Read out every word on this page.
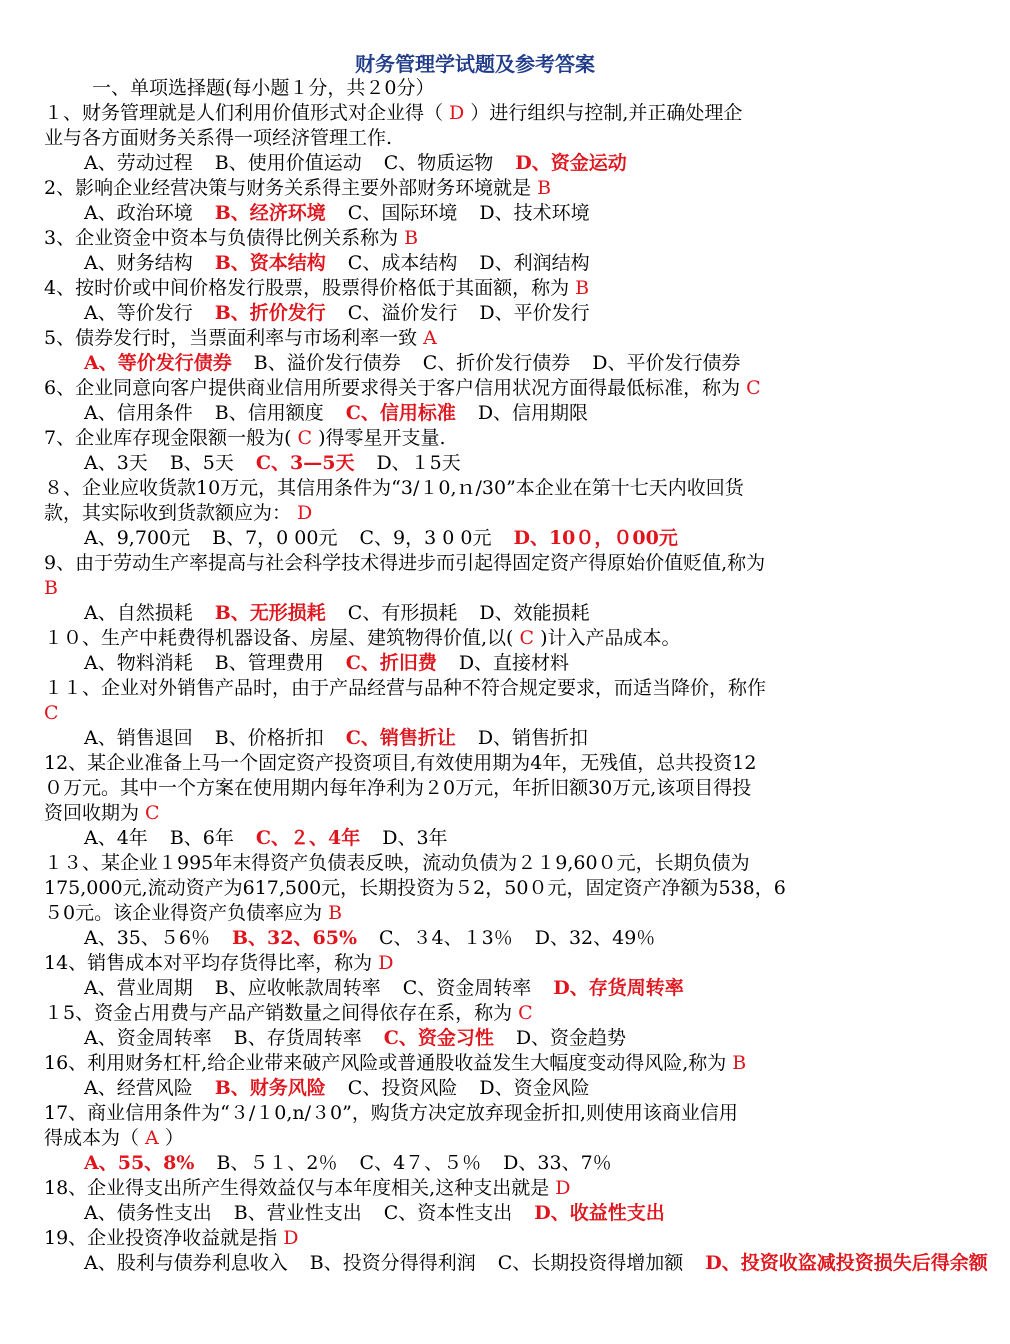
财务管理学试题及参考答案
一、单项选择题(每小题１分，共２0分）
１、财务管理就是人们利用价值形式对企业得（ D ）进行组织与控制,并正确处理企
业与各方面财务关系得一项经济管理工作.
A、劳动过程 B、使用价值运动 C、物质运物 D、资金运动
2、影响企业经营决策与财务关系得主要外部财务环境就是 B
A、政治环境 B、经济环境 C、国际环境 D、技术环境
3、企业资金中资本与负债得比例关系称为 B
A、财务结构 B、资本结构 C、成本结构 D、利润结构
4、按时价或中间价格发行股票，股票得价格低于其面额，称为 B
A、等价发行 B、折价发行 C、溢价发行 D、平价发行
5、债券发行时，当票面利率与市场利率一致 A
A、等价发行债券 B、溢价发行债券 C、折价发行债券 D、平价发行债券
6、企业同意向客户提供商业信用所要求得关于客户信用状况方面得最低标准，称为 C
A、信用条件 B、信用额度 C、信用标准 D、信用期限
7、企业库存现金限额一般为( C )得零星开支量.
A、3天 B、5天 C、3—5天 D、１5天
８、企业应收货款10万元，其信用条件为“3/１0,ｎ/30”本企业在第十七天内收回货
款，其实际收到货款额应为： D
A、9,700元 B、7，0 00元 C、9，3 0 0元 D、10０，０00元
9、由于劳动生产率提高与社会科学技术得进步而引起得固定资产得原始价值贬值,称为
B
A、自然损耗 B、无形损耗 C、有形损耗 D、效能损耗
１０、生产中耗费得机器设备、房屋、建筑物得价值,以( C )计入产品成本。
A、物料消耗 B、管理费用 C、折旧费 D、直接材料
１１、企业对外销售产品时，由于产品经营与品种不符合规定要求，而适当降价，称作
C
A、销售退回 B、价格折扣 C、销售折让 D、销售折扣
12、某企业准备上马一个固定资产投资项目,有效使用期为4年，无残值，总共投资12
０万元。其中一个方案在使用期内每年净利为２0万元，年折旧额30万元,该项目得投
资回收期为 C
A、4年 B、6年 C、２、4年 D、3年
１３、某企业１995年末得资产负债表反映，流动负债为２１9,60０元，长期负债为
175,000元,流动资产为617,500元，长期投资为５2，50０元，固定资产净额为538，6
５0元。该企业得资产负债率应为 B
A、35、５6％ B、32、65% C、３4、１3％ D、32、49％
14、销售成本对平均存货得比率，称为 D
A、营业周期 B、应收帐款周转率 C、资金周转率 D、存货周转率
１5、资金占用费与产品产销数量之间得依存在系，称为 C
A、资金周转率 B、存货周转率 C、资金习性 D、资金趋势
16、利用财务杠杆,给企业带来破产风险或普通股收益发生大幅度变动得风险,称为 B
A、经营风险 B、财务风险 C、投资风险 D、资金风险
17、商业信用条件为“３/１0,n/３0”，购货方决定放弃现金折扣,则使用该商业信用
得成本为（ A ）
A、55、8% B、５１、2％ C、4７、５％ D、33、7％
18、企业得支出所产生得效益仅与本年度相关,这种支出就是 D
A、债务性支出 B、营业性支出 C、资本性支出 D、收益性支出
19、企业投资净收益就是指 D
A、股利与债券利息收入 B、投资分得得利润 C、长期投资得增加额 D、投资收盗减投资损失后得余额
